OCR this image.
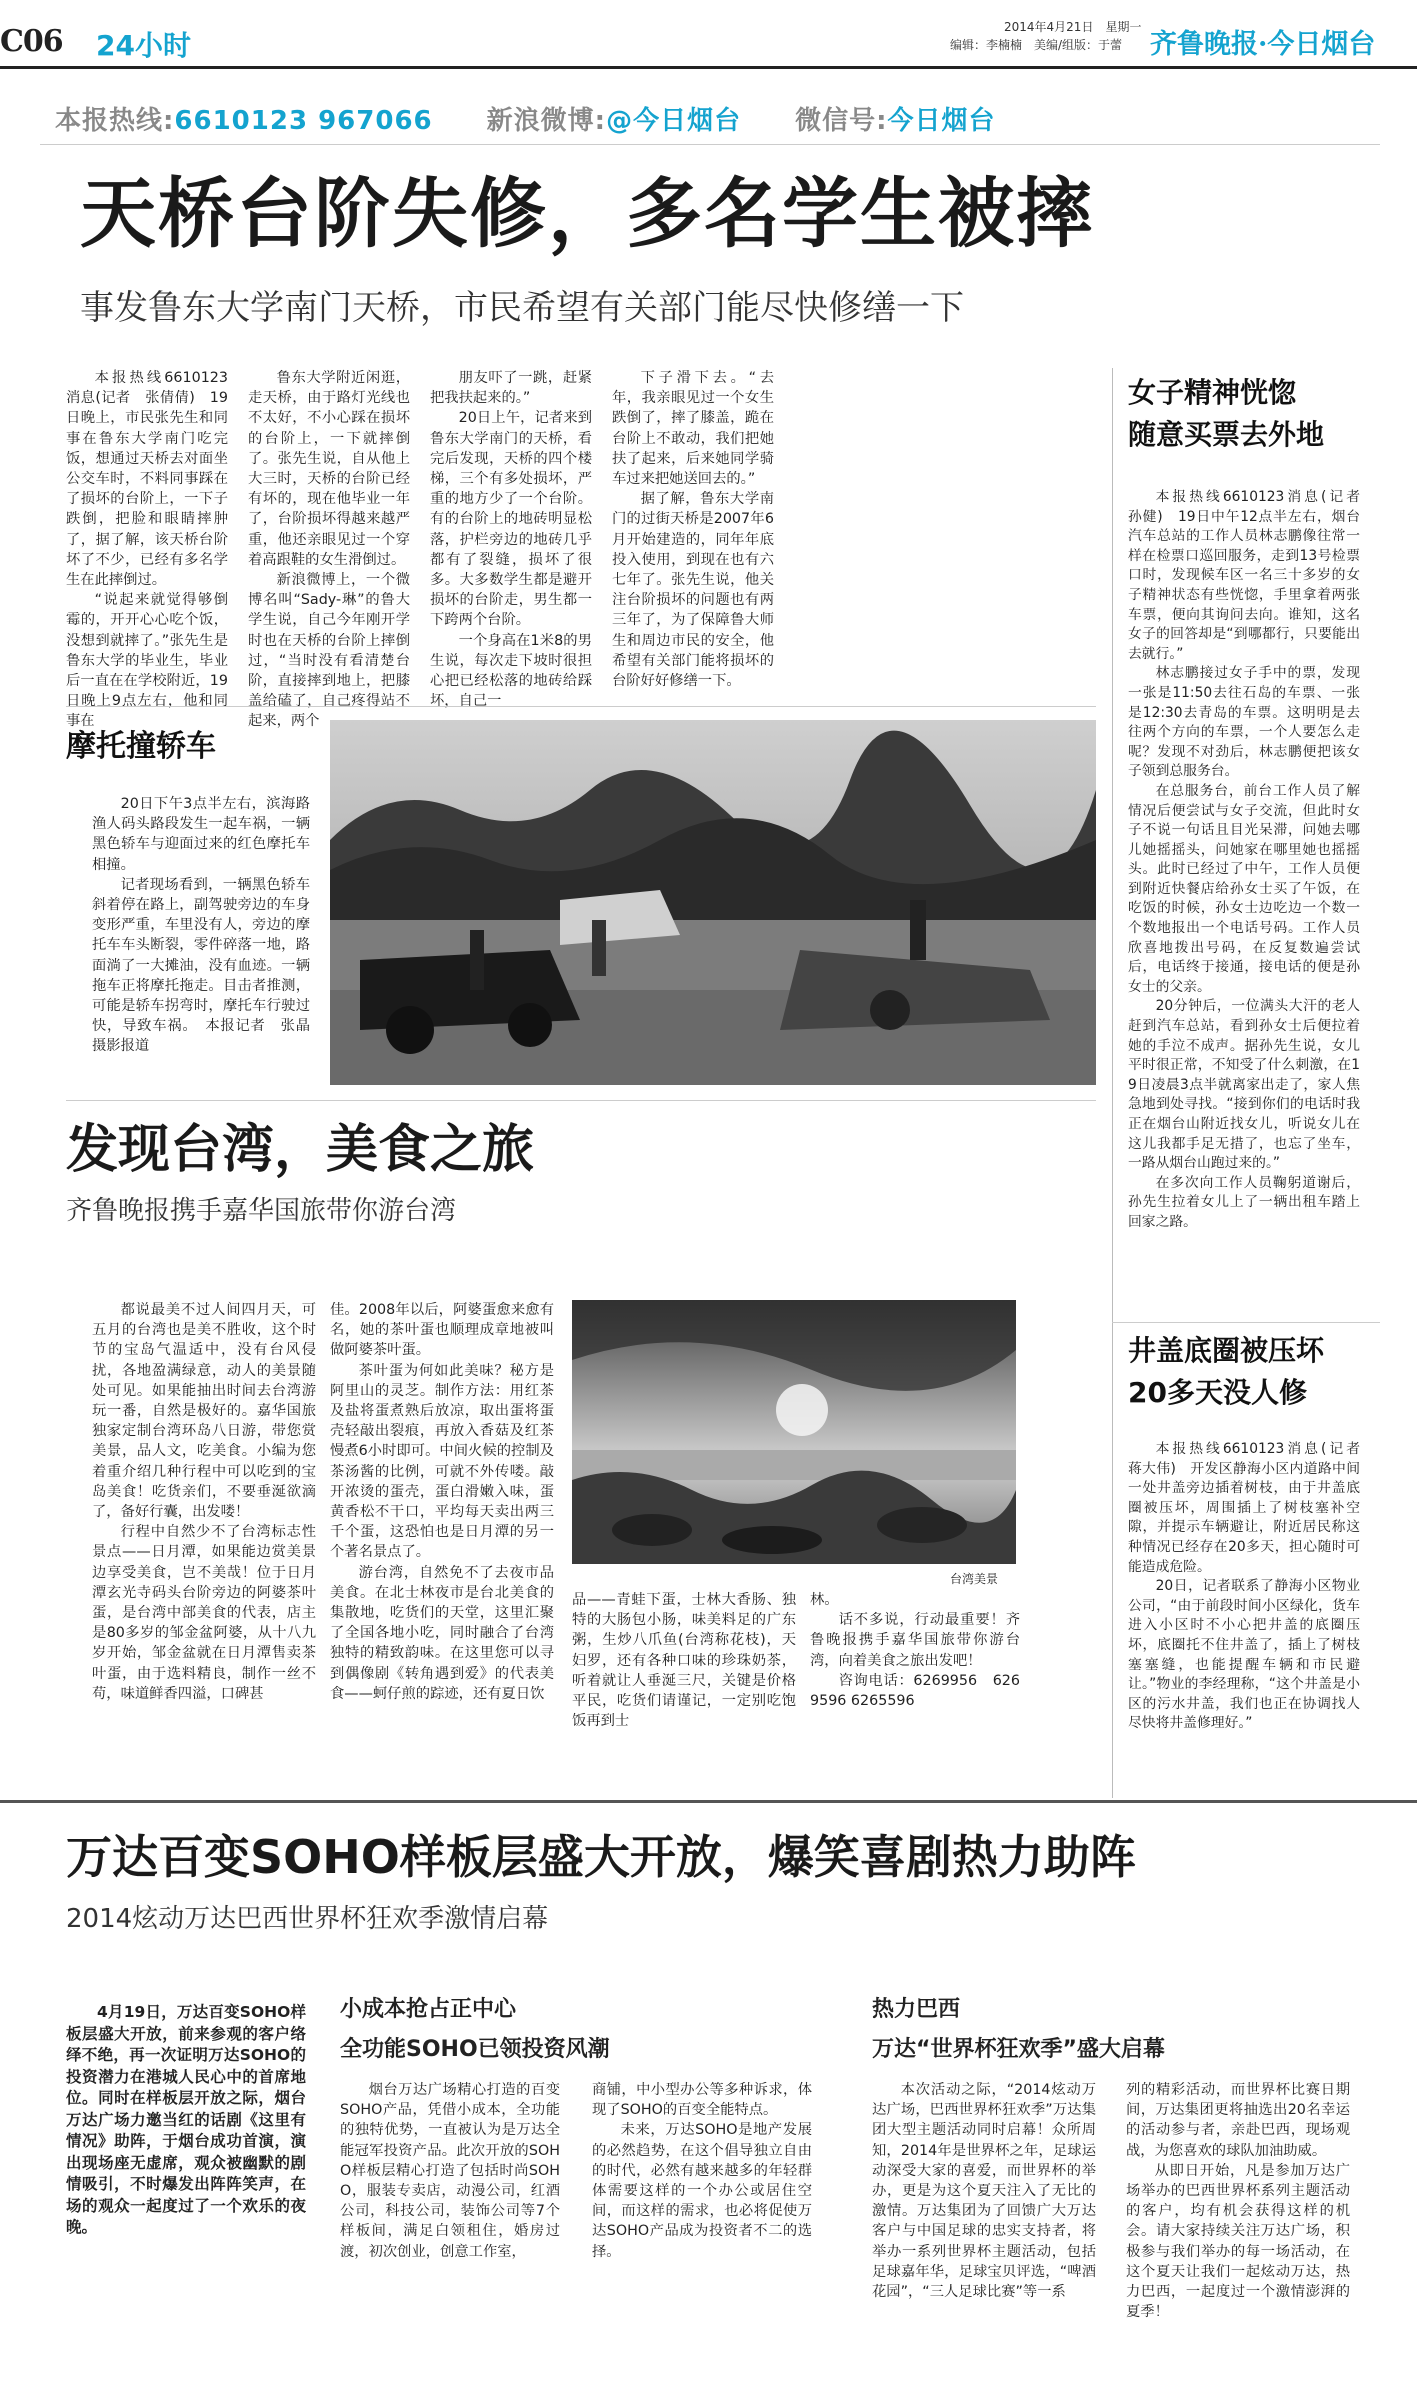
C06 24小时
2014年4月21日　星期一
编辑：李楠楠　美编/组版：于蕾 齐鲁晚报·今日烟台
本报热线:6610123 967066　　 新浪微博:@今日烟台　　 微信号:今日烟台
天桥台阶失修，多名学生被摔
事发鲁东大学南门天桥，市民希望有关部门能尽快修缮一下

本报热线6610123消息(记者　张倩倩)　19日晚上，市民张先生和同事在鲁东大学南门吃完饭，想通过天桥去对面坐公交车时，不料同事踩在了损坏的台阶上，一下子跌倒，把脸和眼睛摔肿了，据了解，该天桥台阶坏了不少，已经有多名学生在此摔倒过。

“说起来就觉得够倒霉的，开开心心吃个饭，没想到就摔了。”张先生是鲁东大学的毕业生，毕业后一直在在学校附近，19日晚上9点左右，他和同事在

鲁东大学附近闲逛，走天桥，由于路灯光线也不太好，不小心踩在损坏的台阶上，一下就摔倒了。张先生说，自从他上大三时，天桥的台阶已经有坏的，现在他毕业一年了，台阶损坏得越来越严重，他还亲眼见过一个穿着高跟鞋的女生滑倒过。

新浪微博上，一个微博名叫“Sady-琳”的鲁大学生说，自己今年刚开学时也在天桥的台阶上摔倒过，“当时没有看清楚台阶，直接摔到地上，把膝盖给磕了，自己疼得站不起来，两个

朋友吓了一跳，赶紧把我扶起来的。”

20日上午，记者来到鲁东大学南门的天桥，看完后发现，天桥的四个楼梯，三个有多处损坏，严重的地方少了一个台阶。有的台阶上的地砖明显松落，护栏旁边的地砖几乎都有了裂缝，损坏了很多。大多数学生都是避开损坏的台阶走，男生都一下跨两个台阶。

一个身高在1米8的男生说，每次走下坡时很担心把已经松落的地砖给踩坏，自己一

下子滑下去。“去年，我亲眼见过一个女生跌倒了，摔了膝盖，跪在台阶上不敢动，我们把她扶了起来，后来她同学骑车过来把她送回去的。”

据了解，鲁东大学南门的过街天桥是2007年6月开始建造的，同年年底投入使用，到现在也有六七年了。张先生说，他关注台阶损坏的问题也有两三年了，为了保障鲁大师生和周边市民的安全，他希望有关部门能将损坏的台阶好好修缮一下。

女子精神恍惚
随意买票去外地

本报热线6610123消息(记者　孙健)　19日中午12点半左右，烟台汽车总站的工作人员林志鹏像往常一样在检票口巡回服务，走到13号检票口时，发现候车区一名三十多岁的女子精神状态有些恍惚，手里拿着两张车票，便向其询问去向。谁知，这名女子的回答却是“到哪都行，只要能出去就行。”

林志鹏接过女子手中的票，发现一张是11:50去往石岛的车票、一张是12:30去青岛的车票。这明明是去往两个方向的车票，一个人要怎么走呢？发现不对劲后，林志鹏便把该女子领到总服务台。

在总服务台，前台工作人员了解情况后便尝试与女子交流，但此时女子不说一句话且目光呆滞，问她去哪儿她摇摇头，问她家在哪里她也摇摇头。此时已经过了中午，工作人员便到附近快餐店给孙女士买了午饭，在吃饭的时候，孙女士边吃边一个数一个数地报出一个电话号码。工作人员欣喜地拨出号码，在反复数遍尝试后，电话终于接通，接电话的便是孙女士的父亲。

20分钟后，一位满头大汗的老人赶到汽车总站，看到孙女士后便拉着她的手泣不成声。据孙先生说，女儿平时很正常，不知受了什么刺激，在19日凌晨3点半就离家出走了，家人焦急地到处寻找。“接到你们的电话时我正在烟台山附近找女儿，听说女儿在这儿我都手足无措了，也忘了坐车，一路从烟台山跑过来的。”

在多次向工作人员鞠躬道谢后，孙先生拉着女儿上了一辆出租车踏上回家之路。

摩托撞轿车

20日下午3点半左右，滨海路渔人码头路段发生一起车祸，一辆黑色轿车与迎面过来的红色摩托车相撞。

记者现场看到，一辆黑色轿车斜着停在路上，副驾驶旁边的车身变形严重，车里没有人，旁边的摩托车车头断裂，零件碎落一地，路面淌了一大摊油，没有血迹。一辆拖车正将摩托拖走。目击者推测，可能是轿车拐弯时，摩托车行驶过快，导致车祸。　本报记者　张晶　摄影报道

发现台湾，美食之旅
齐鲁晚报携手嘉华国旅带你游台湾

都说最美不过人间四月天，可五月的台湾也是美不胜收，这个时节的宝岛气温适中，没有台风侵扰，各地盈满绿意，动人的美景随处可见。如果能抽出时间去台湾游玩一番，自然是极好的。嘉华国旅独家定制台湾环岛八日游，带您赏美景，品人文，吃美食。小编为您着重介绍几种行程中可以吃到的宝岛美食！吃货亲们，不要垂涎欲滴了，备好行囊，出发喽！

行程中自然少不了台湾标志性景点——日月潭，如果能边赏美景边享受美食，岂不美哉！位于日月潭玄光寺码头台阶旁边的阿婆茶叶蛋，是台湾中部美食的代表，店主是80多岁的邹金盆阿婆，从十八九岁开始，邹金盆就在日月潭售卖茶叶蛋，由于选料精良，制作一丝不苟，味道鲜香四溢，口碑甚

佳。2008年以后，阿婆蛋愈来愈有名，她的茶叶蛋也顺理成章地被叫做阿婆茶叶蛋。

茶叶蛋为何如此美味？秘方是阿里山的灵芝。制作方法：用红茶及盐将蛋煮熟后放凉，取出蛋将蛋壳轻敲出裂痕，再放入香菇及红茶慢煮6小时即可。中间火候的控制及茶汤酱的比例，可就不外传喽。敲开浓烫的蛋壳，蛋白滑嫩入味，蛋黄香松不干口，平均每天卖出两三千个蛋，这恐怕也是日月潭的另一个著名景点了。

游台湾，自然免不了去夜市品美食。在北士林夜市是台北美食的集散地，吃货们的天堂，这里汇聚了全国各地小吃，同时融合了台湾独特的精致韵味。在这里您可以寻到偶像剧《转角遇到爱》的代表美食——蚵仔煎的踪迹，还有夏日饮

台湾美景

品——青蛙下蛋，士林大香肠、独特的大肠包小肠，味美料足的广东粥，生炒八爪鱼(台湾称花枝)，天妇罗，还有各种口味的珍珠奶茶，听着就让人垂涎三尺，关键是价格平民，吃货们请谨记，一定别吃饱饭再到士

林。

话不多说，行动最重要！齐鲁晚报携手嘉华国旅带你游台湾，向着美食之旅出发吧！

咨询电话：6269956　6269596 6265596

井盖底圈被压坏
20多天没人修

本报热线6610123消息(记者　蒋大伟)　开发区静海小区内道路中间一处井盖旁边插着树枝，由于井盖底圈被压坏，周围插上了树枝塞补空隙，并提示车辆避让，附近居民称这种情况已经存在20多天，担心随时可能造成危险。

20日，记者联系了静海小区物业公司，“由于前段时间小区绿化，货车进入小区时不小心把井盖的底圈压坏，底圈托不住井盖了，插上了树枝塞塞缝，也能提醒车辆和市民避让。”物业的李经理称，“这个井盖是小区的污水井盖，我们也正在协调找人尽快将井盖修理好。”

万达百变SOHO样板层盛大开放，爆笑喜剧热力助阵
2014炫动万达巴西世界杯狂欢季激情启幕

4月19日，万达百变SOHO样板层盛大开放，前来参观的客户络绎不绝，再一次证明万达SOHO的投资潜力在港城人民心中的首席地位。同时在样板层开放之际，烟台万达广场力邀当红的话剧《这里有情况》助阵，于烟台成功首演，演出现场座无虚席，观众被幽默的剧情吸引，不时爆发出阵阵笑声，在场的观众一起度过了一个欢乐的夜晚。

小成本抢占正中心
全功能SOHO已领投资风潮

烟台万达广场精心打造的百变SOHO产品，凭借小成本，全功能的独特优势，一直被认为是万达全能冠军投资产品。此次开放的SOHO样板层精心打造了包括时尚SOHO，服装专卖店，动漫公司，红酒公司，科技公司，装饰公司等7个样板间，满足白领租住，婚房过渡，初次创业，创意工作室，

商铺，中小型办公等多种诉求，体现了SOHO的百变全能特点。

未来，万达SOHO是地产发展的必然趋势，在这个倡导独立自由的时代，必然有越来越多的年轻群体需要这样的一个办公或居住空间，而这样的需求，也必将促使万达SOHO产品成为投资者不二的选择。

热力巴西
万达“世界杯狂欢季”盛大启幕

本次活动之际，“2014炫动万达广场，巴西世界杯狂欢季”万达集团大型主题活动同时启幕！众所周知，2014年是世界杯之年，足球运动深受大家的喜爱，而世界杯的举办，更是为这个夏天注入了无比的激情。万达集团为了回馈广大万达客户与中国足球的忠实支持者，将举办一系列世界杯主题活动，包括足球嘉年华，足球宝贝评选，“啤酒花园”，“三人足球比赛”等一系

列的精彩活动，而世界杯比赛日期间，万达集团更将抽选出20名幸运的活动参与者，亲赴巴西，现场观战，为您喜欢的球队加油助威。

从即日开始，凡是参加万达广场举办的巴西世界杯系列主题活动的客户，均有机会获得这样的机会。请大家持续关注万达广场，积极参与我们举办的每一场活动，在这个夏天让我们一起炫动万达，热力巴西，一起度过一个激情澎湃的夏季！
